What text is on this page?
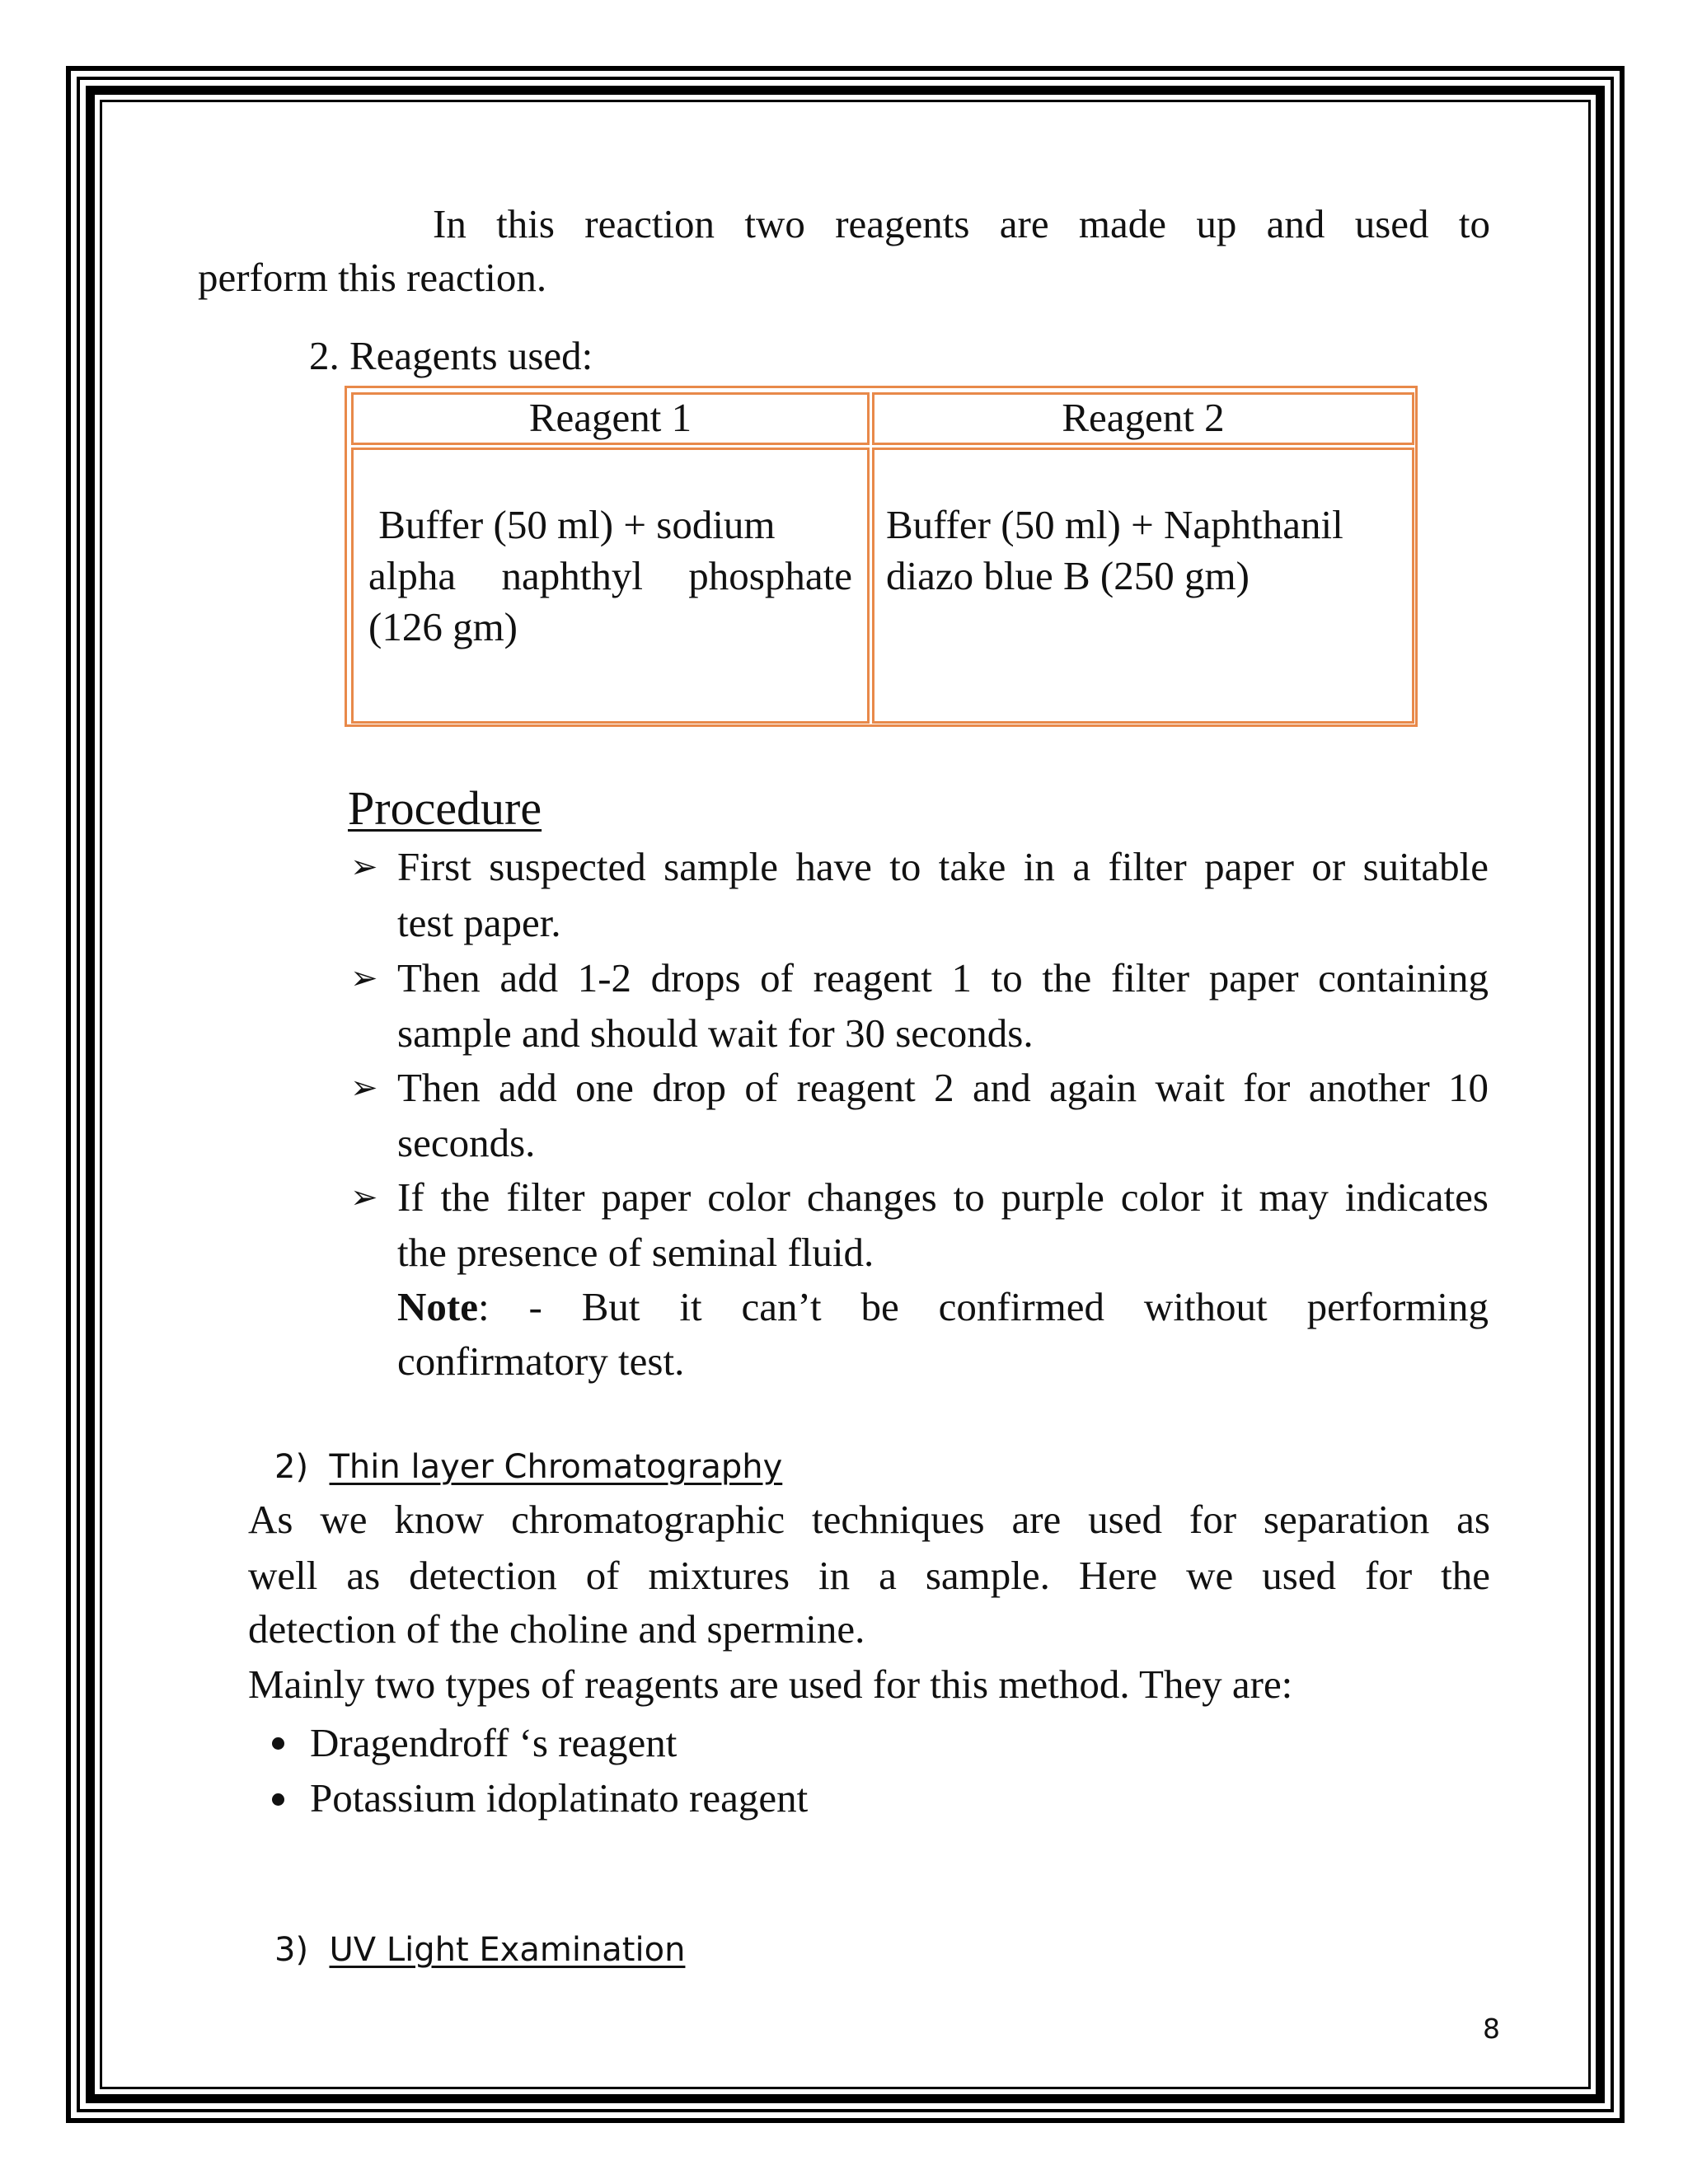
In this reaction two reagents are made up and used to
perform this reaction.
2. Reagents used:
Reagent 1	Reagent 2
Buffer (50 ml) + sodium
alpha naphthyl phosphate
(126 gm)
Buffer (50 ml) + Naphthanil
diazo blue B (250 gm)
Procedure
➢ First suspected sample have to take in a filter paper or suitable
test paper.
➢ Then add 1-2 drops of reagent 1 to the filter paper containing
sample and should wait for 30 seconds.
➢ Then add one drop of reagent 2 and again wait for another 10
seconds.
➢ If the filter paper color changes to purple color it may indicates
the presence of seminal fluid.
Note: - But it can’t be confirmed without performing
confirmatory test.
2) Thin layer Chromatography
As we know chromatographic techniques are used for separation as
well as detection of mixtures in a sample. Here we used for the
detection of the choline and spermine.
Mainly two types of reagents are used for this method. They are:
Dragendroff ‘s reagent
Potassium idoplatinato reagent
3) UV Light Examination
8
